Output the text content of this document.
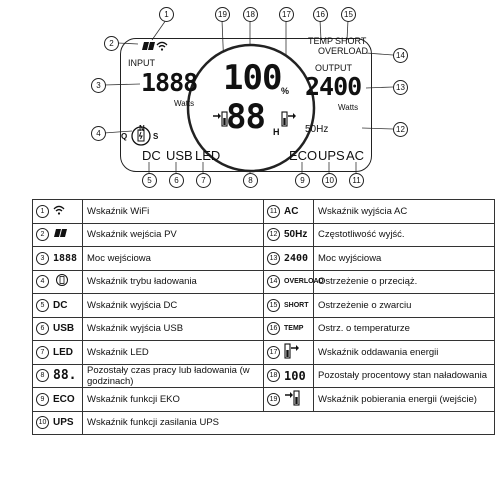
1
2
3
4
5	6	7	8	9	10	11
12
13
14
15
16
17
18
19
INPUT
1888
Watts
N
Q	S
DC USB LED
100 %
88 H
TEMP SHORT
OVERLOAD
OUTPUT
2400
Watts
50Hz
ECO UPS AC
1	Wskaźnik WiFi	11 AC	Wskaźnik wyjścia AC
2	Wskaźnik wejścia PV	12 50Hz	Częstotliwość wyjść.
3 1888	Moc wejściowa	13 2400	Moc wyjściowa
4	Wskaźnik trybu ładowania	14 OVERLOAD	Ostrzeżenie o przeciąż.
5 DC	Wskaźnik wyjścia DC	15 SHORT	Ostrzeżenie o zwarciu
6 USB	Wskaźnik wyjścia USB	16 TEMP	Ostrz. o temperaturze
7 LED	Wskaźnik LED	17	Wskaźnik oddawania energii
8 88.	Pozostały czas pracy lub ładowania (w godzinach)	18 100	Pozostały procentowy stan naładowania
9 ECO	Wskaźnik funkcji EKO	19	Wskaźnik pobierania energii (wejście)
10 UPS	Wskaźnik funkcji zasilania UPS		
